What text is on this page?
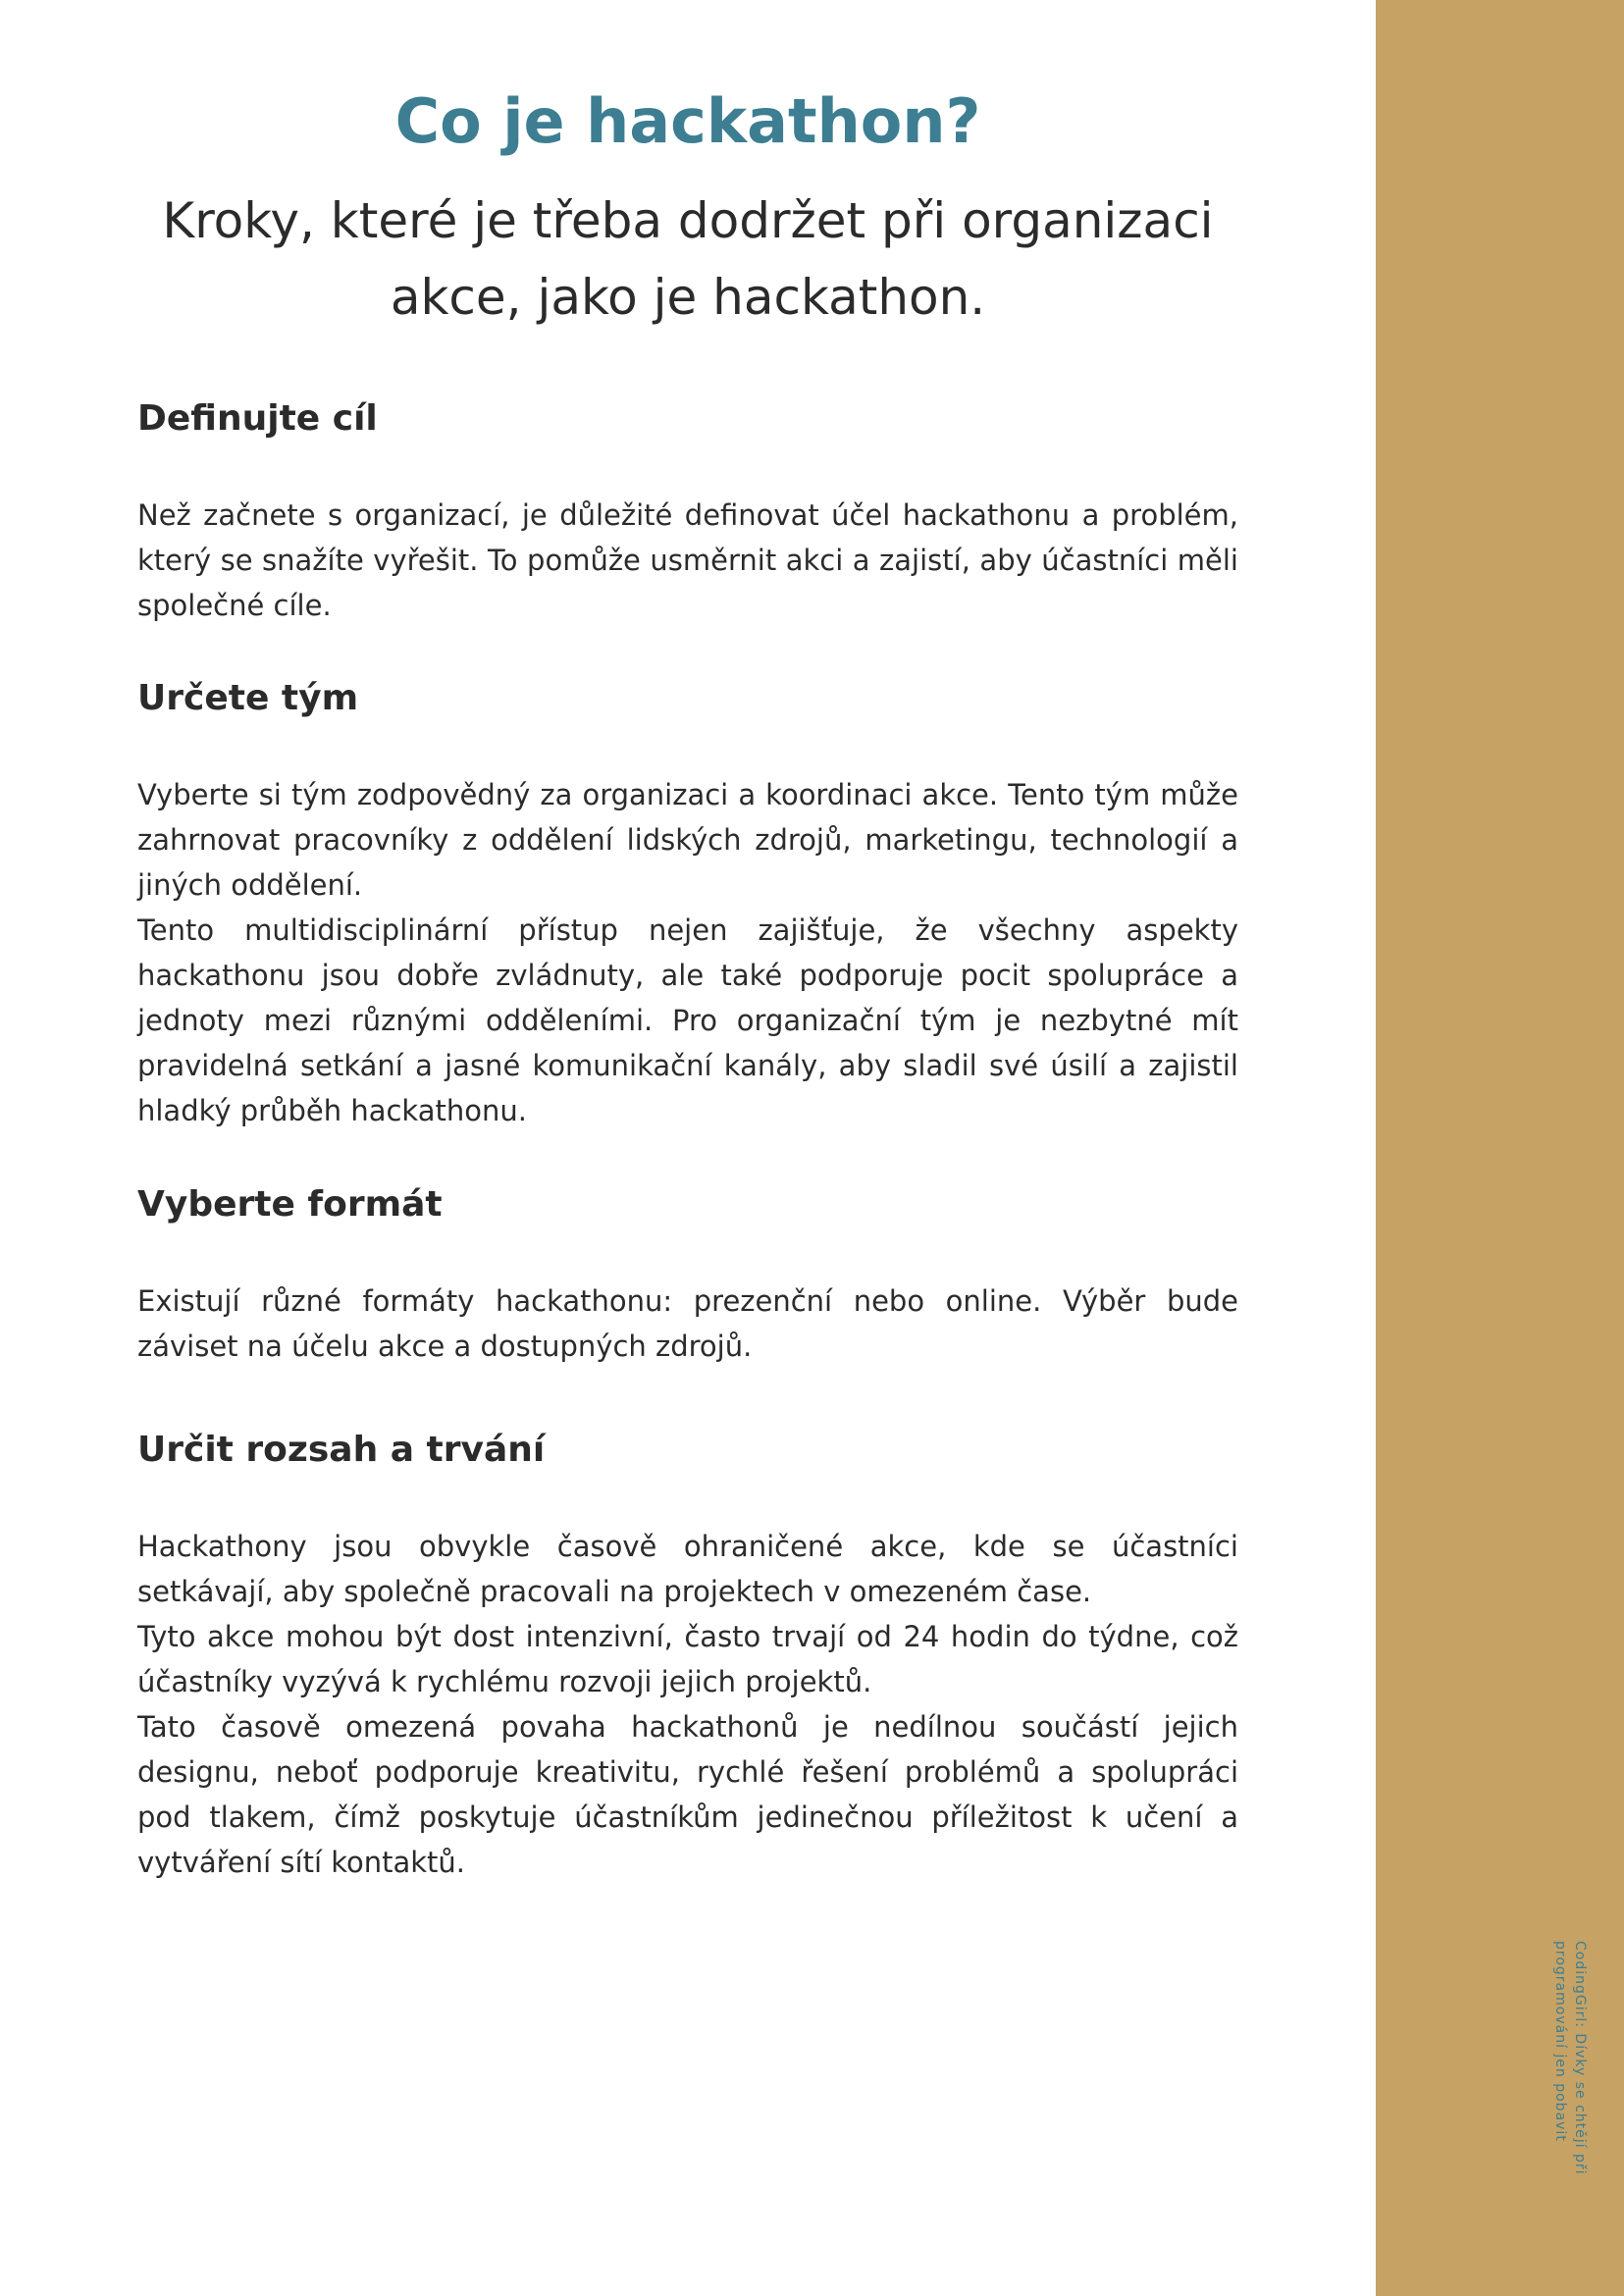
CodingGirl: Dívky se chtějí při programování jen pobavit
Co je hackathon?
Kroky, které je třeba dodržet při organizaci akce, jako je hackathon.
Definujte cíl

Než začnete s organizací, je důležité definovat účel hackathonu a problém, který se snažíte vyřešit. To pomůže usměrnit akci a zajistí, aby účastníci měli společné cíle.

Určete tým

Vyberte si tým zodpovědný za organizaci a koordinaci akce. Tento tým může zahrnovat pracovníky z oddělení lidských zdrojů, marketingu, technologií a jiných oddělení.

Tento multidisciplinární přístup nejen zajišťuje, že všechny aspekty hackathonu jsou dobře zvládnuty, ale také podporuje pocit spolupráce a jednoty mezi různými odděleními. Pro organizační tým je nezbytné mít pravidelná setkání a jasné komunikační kanály, aby sladil své úsilí a zajistil hladký průběh hackathonu.

Vyberte formát

Existují různé formáty hackathonu: prezenční nebo online. Výběr bude záviset na účelu akce a dostupných zdrojů.

Určit rozsah a trvání

Hackathony jsou obvykle časově ohraničené akce, kde se účastníci setkávají, aby společně pracovali na projektech v omezeném čase.

Tyto akce mohou být dost intenzivní, často trvají od 24 hodin do týdne, což účastníky vyzývá k rychlému rozvoji jejich projektů.

Tato časově omezená povaha hackathonů je nedílnou součástí jejich designu, neboť podporuje kreativitu, rychlé řešení problémů a spolupráci pod tlakem, čímž poskytuje účastníkům jedinečnou příležitost k učení a vytváření sítí kontaktů.
